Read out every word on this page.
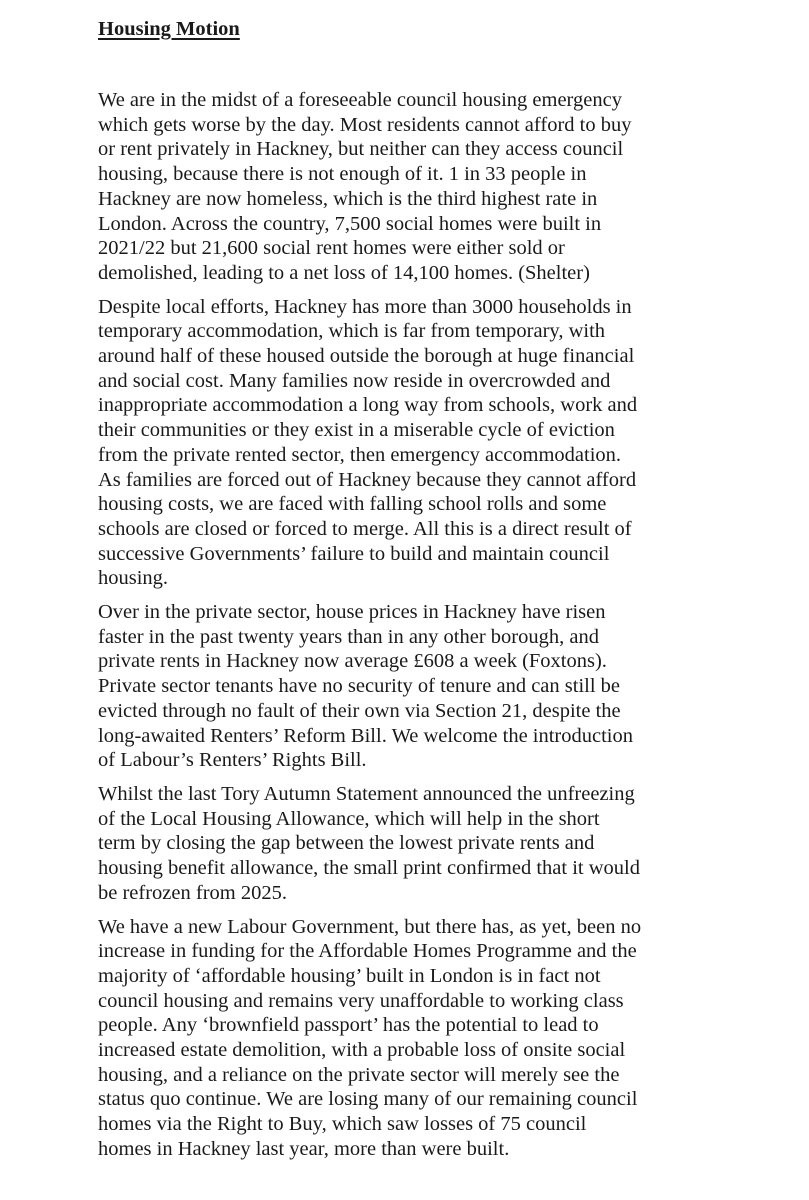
Housing Motion

We are in the midst of a foreseeable council housing emergency
which gets worse by the day. Most residents cannot afford to buy
or rent privately in Hackney, but neither can they access council
housing, because there is not enough of it. 1 in 33 people in
Hackney are now homeless, which is the third highest rate in
London. Across the country, 7,500 social homes were built in
2021/22 but 21,600 social rent homes were either sold or
demolished, leading to a net loss of 14,100 homes. (Shelter)

Despite local efforts, Hackney has more than 3000 households in
temporary accommodation, which is far from temporary, with
around half of these housed outside the borough at huge financial
and social cost. Many families now reside in overcrowded and
inappropriate accommodation a long way from schools, work and
their communities or they exist in a miserable cycle of eviction
from the private rented sector, then emergency accommodation.
As families are forced out of Hackney because they cannot afford
housing costs, we are faced with falling school rolls and some
schools are closed or forced to merge. All this is a direct result of
successive Governments’ failure to build and maintain council
housing.

Over in the private sector, house prices in Hackney have risen
faster in the past twenty years than in any other borough, and
private rents in Hackney now average £608 a week (Foxtons).
Private sector tenants have no security of tenure and can still be
evicted through no fault of their own via Section 21, despite the
long-awaited Renters’ Reform Bill. We welcome the introduction
of Labour’s Renters’ Rights Bill.

Whilst the last Tory Autumn Statement announced the unfreezing
of the Local Housing Allowance, which will help in the short
term by closing the gap between the lowest private rents and
housing benefit allowance, the small print confirmed that it would
be refrozen from 2025.

We have a new Labour Government, but there has, as yet, been no
increase in funding for the Affordable Homes Programme and the
majority of ‘affordable housing’ built in London is in fact not
council housing and remains very unaffordable to working class
people. Any ‘brownfield passport’ has the potential to lead to
increased estate demolition, with a probable loss of onsite social
housing, and a reliance on the private sector will merely see the
status quo continue. We are losing many of our remaining council
homes via the Right to Buy, which saw losses of 75 council
homes in Hackney last year, more than were built.
